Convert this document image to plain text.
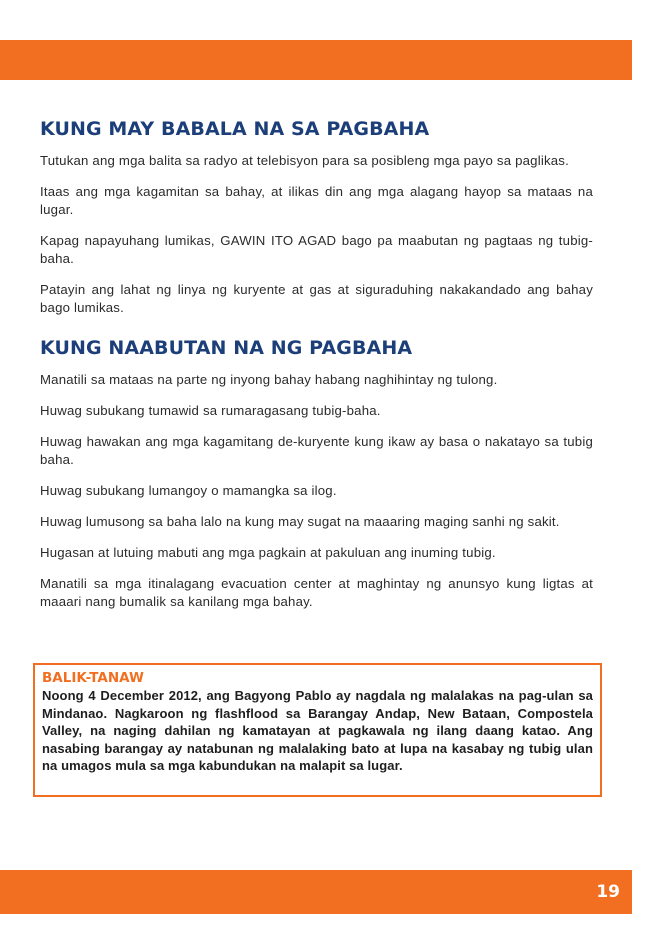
KUNG MAY BABALA NA SA PAGBAHA

Tutukan ang mga balita sa radyo at telebisyon para sa posibleng mga payo sa paglikas.

Itaas ang mga kagamitan sa bahay, at ilikas din ang mga alagang hayop sa mataas na lugar.

Kapag napayuhang lumikas, GAWIN ITO AGAD bago pa maabutan ng pagtaas ng tubig-baha.

Patayin ang lahat ng linya ng kuryente at gas at siguraduhing nakakandado ang bahay bago lumikas.

KUNG NAABUTAN NA NG PAGBAHA

Manatili sa mataas na parte ng inyong bahay habang naghihintay ng tulong.

Huwag subukang tumawid sa rumaragasang tubig-baha.

Huwag hawakan ang mga kagamitang de-kuryente kung ikaw ay basa o nakatayo sa tubig baha.

Huwag subukang lumangoy o mamangka sa ilog.

Huwag lumusong sa baha lalo na kung may sugat na maaaring maging sanhi ng sakit.

Hugasan at lutuing mabuti ang mga pagkain at pakuluan ang inuming tubig.

Manatili sa mga itinalagang evacuation center at maghintay ng anunsyo kung ligtas at maaari nang bumalik sa kanilang mga bahay.

BALIK-TANAW

Noong 4 December 2012, ang Bagyong Pablo ay nagdala ng malalakas na pag-ulan sa Mindanao. Nagkaroon ng flashflood sa Barangay Andap, New Bataan, Compostela Valley, na naging dahilan ng kamatayan at pagkawala ng ilang daang katao. Ang nasabing barangay ay natabunan ng malalaking bato at lupa na kasabay ng tubig ulan na umagos mula sa mga kabundukan na malapit sa lugar.

19
